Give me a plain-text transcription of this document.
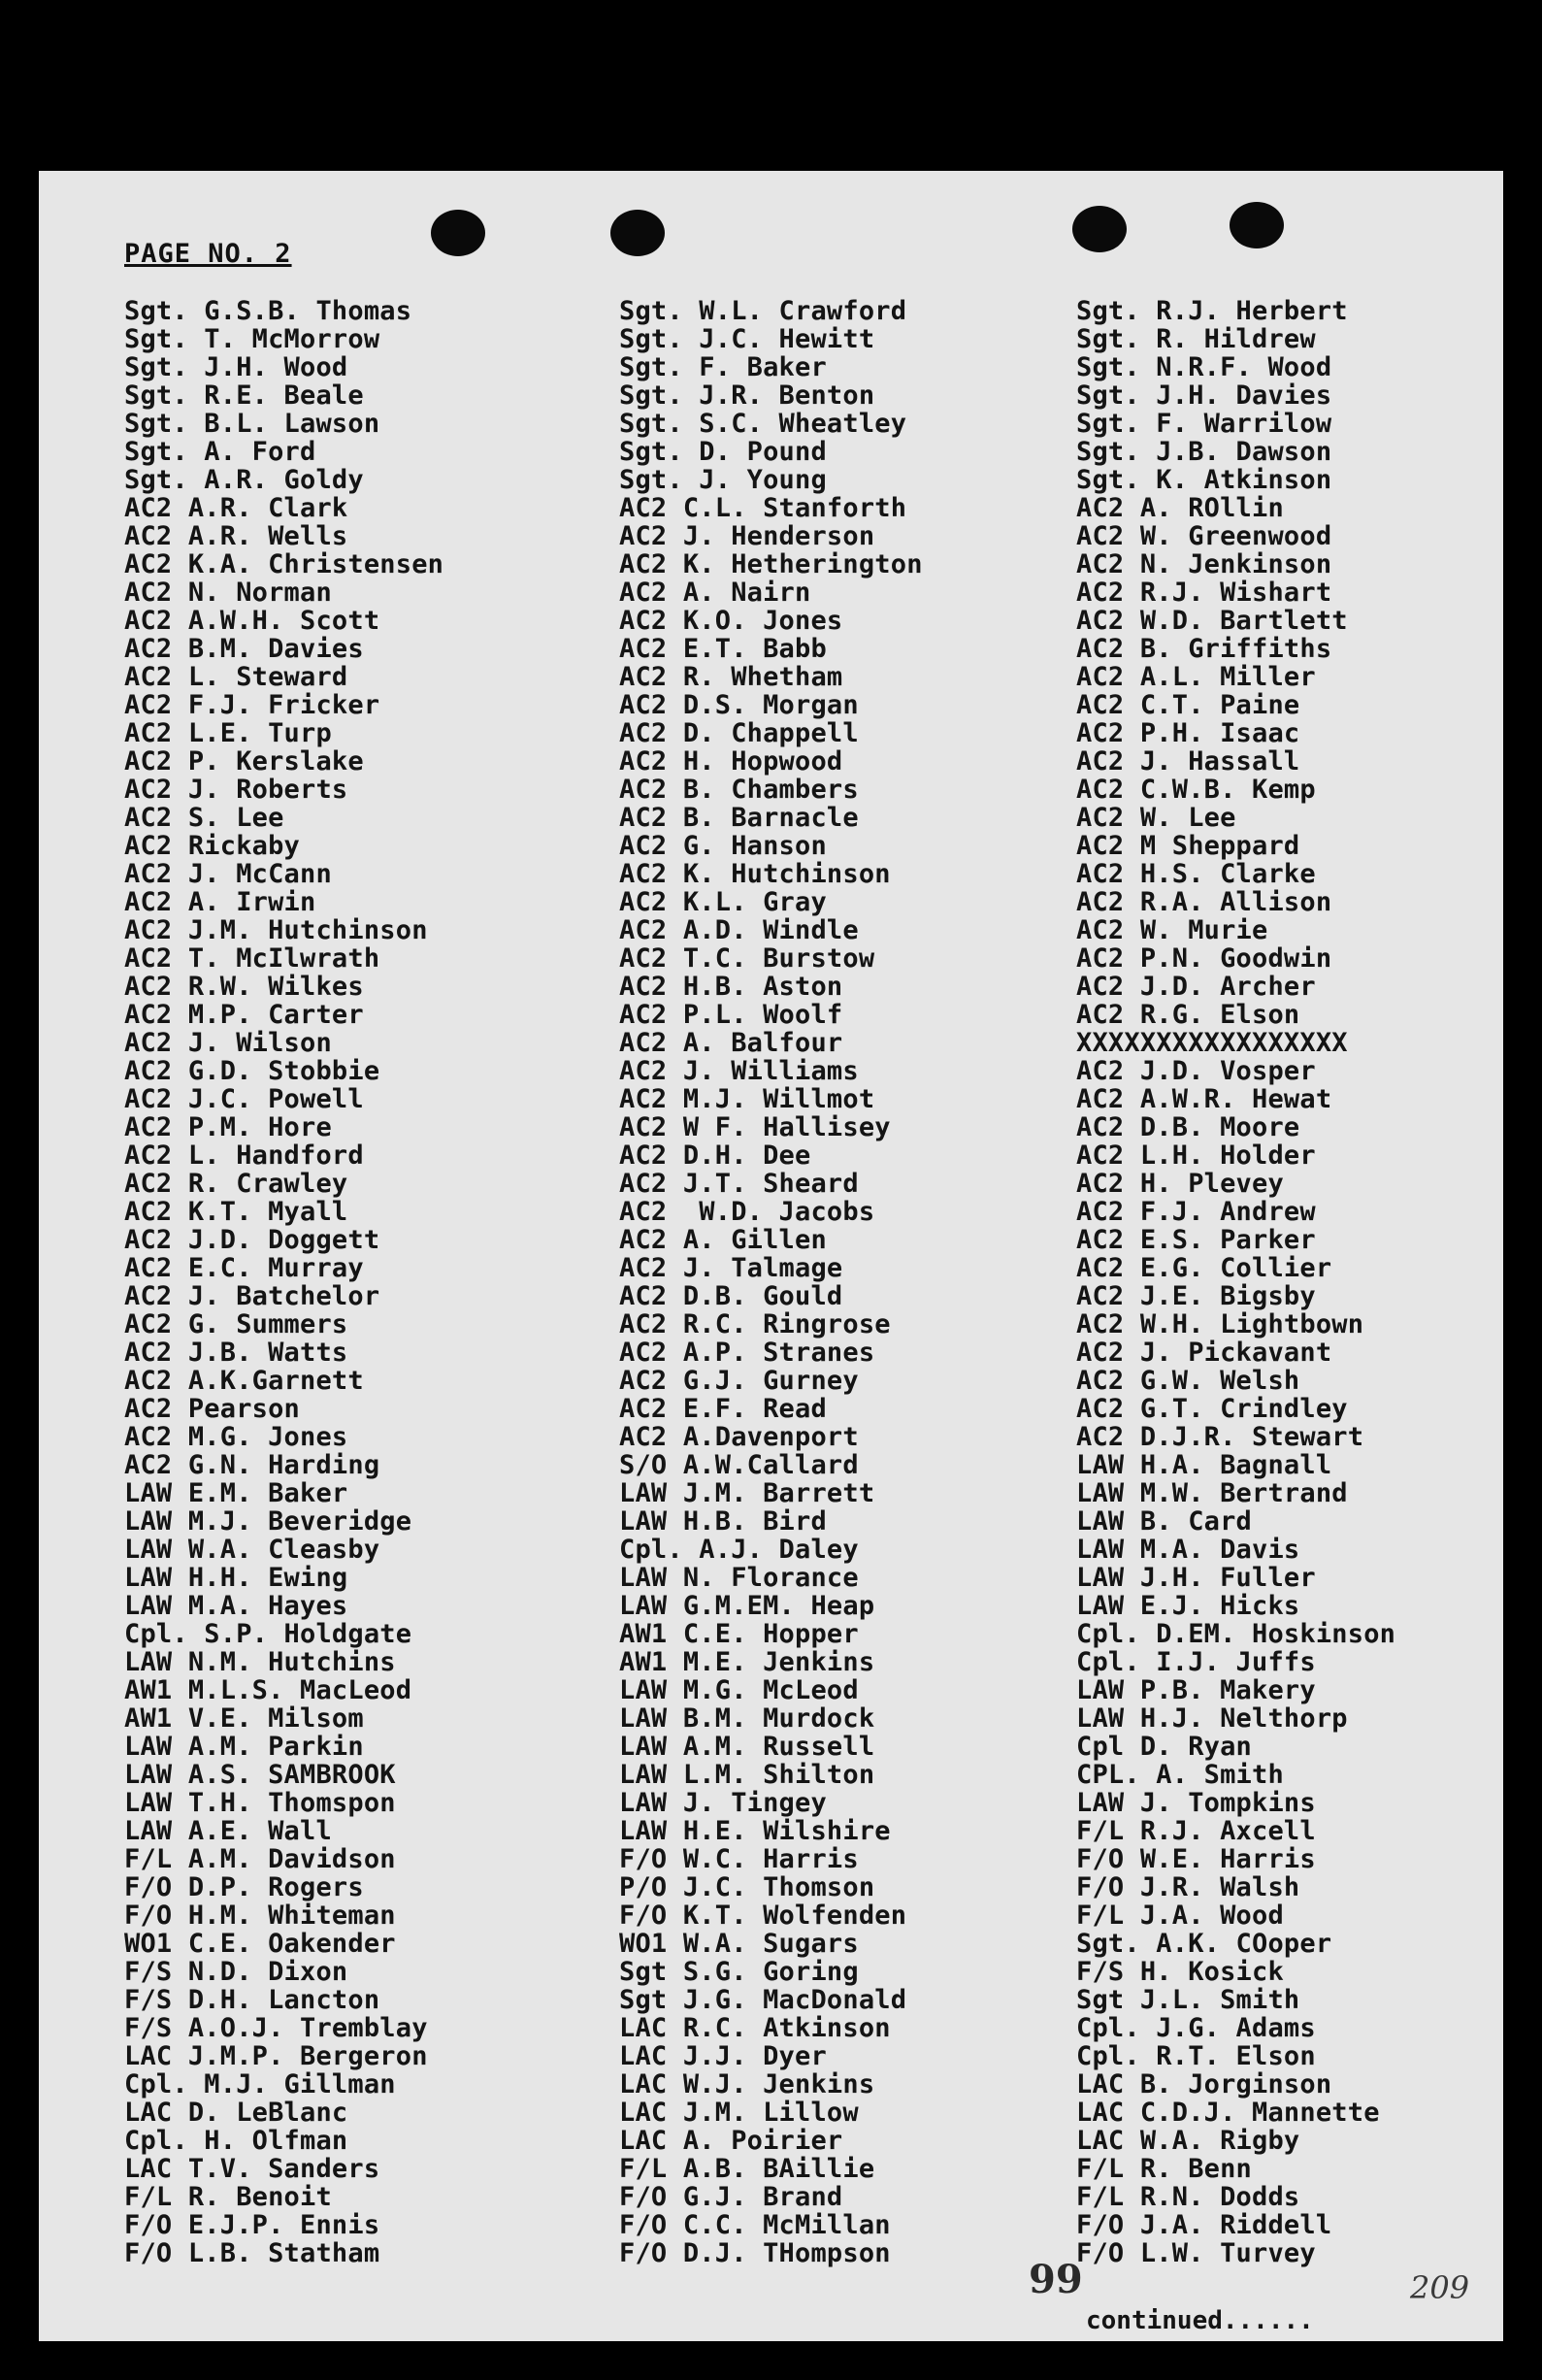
PAGE NO. 2
Sgt. G.S.B. Thomas
Sgt. T. McMorrow
Sgt. J.H. Wood
Sgt. R.E. Beale
Sgt. B.L. Lawson
Sgt. A. Ford
Sgt. A.R. Goldy
AC2 A.R. Clark
AC2 A.R. Wells
AC2 K.A. Christensen
AC2 N. Norman
AC2 A.W.H. Scott
AC2 B.M. Davies
AC2 L. Steward
AC2 F.J. Fricker
AC2 L.E. Turp
AC2 P. Kerslake
AC2 J. Roberts
AC2 S. Lee
AC2 Rickaby
AC2 J. McCann
AC2 A. Irwin
AC2 J.M. Hutchinson
AC2 T. McIlwrath
AC2 R.W. Wilkes
AC2 M.P. Carter
AC2 J. Wilson
AC2 G.D. Stobbie
AC2 J.C. Powell
AC2 P.M. Hore
AC2 L. Handford
AC2 R. Crawley
AC2 K.T. Myall
AC2 J.D. Doggett
AC2 E.C. Murray
AC2 J. Batchelor
AC2 G. Summers
AC2 J.B. Watts
AC2 A.K.Garnett
AC2 Pearson
AC2 M.G. Jones
AC2 G.N. Harding
LAW E.M. Baker
LAW M.J. Beveridge
LAW W.A. Cleasby
LAW H.H. Ewing
LAW M.A. Hayes
Cpl. S.P. Holdgate
LAW N.M. Hutchins
AW1 M.L.S. MacLeod
AW1 V.E. Milsom
LAW A.M. Parkin
LAW A.S. SAMBROOK
LAW T.H. Thomspon
LAW A.E. Wall
F/L A.M. Davidson
F/O D.P. Rogers
F/O H.M. Whiteman
WO1 C.E. Oakender
F/S N.D. Dixon
F/S D.H. Lancton
F/S A.O.J. Tremblay
LAC J.M.P. Bergeron
Cpl. M.J. Gillman
LAC D. LeBlanc
Cpl. H. Olfman
LAC T.V. Sanders
F/L R. Benoit
F/O E.J.P. Ennis
F/O L.B. Statham
Sgt. W.L. Crawford
Sgt. J.C. Hewitt
Sgt. F. Baker
Sgt. J.R. Benton
Sgt. S.C. Wheatley
Sgt. D. Pound
Sgt. J. Young
AC2 C.L. Stanforth
AC2 J. Henderson
AC2 K. Hetherington
AC2 A. Nairn
AC2 K.O. Jones
AC2 E.T. Babb
AC2 R. Whetham
AC2 D.S. Morgan
AC2 D. Chappell
AC2 H. Hopwood
AC2 B. Chambers
AC2 B. Barnacle
AC2 G. Hanson
AC2 K. Hutchinson
AC2 K.L. Gray
AC2 A.D. Windle
AC2 T.C. Burstow
AC2 H.B. Aston
AC2 P.L. Woolf
AC2 A. Balfour
AC2 J. Williams
AC2 M.J. Willmot
AC2 W F. Hallisey
AC2 D.H. Dee
AC2 J.T. Sheard
AC2  W.D. Jacobs
AC2 A. Gillen
AC2 J. Talmage
AC2 D.B. Gould
AC2 R.C. Ringrose
AC2 A.P. Stranes
AC2 G.J. Gurney
AC2 E.F. Read
AC2 A.Davenport
S/O A.W.Callard
LAW J.M. Barrett
LAW H.B. Bird
Cpl. A.J. Daley
LAW N. Florance
LAW G.M.EM. Heap
AW1 C.E. Hopper
AW1 M.E. Jenkins
LAW M.G. McLeod
LAW B.M. Murdock
LAW A.M. Russell
LAW L.M. Shilton
LAW J. Tingey
LAW H.E. Wilshire
F/O W.C. Harris
P/O J.C. Thomson
F/O K.T. Wolfenden
WO1 W.A. Sugars
Sgt S.G. Goring
Sgt J.G. MacDonald
LAC R.C. Atkinson
LAC J.J. Dyer
LAC W.J. Jenkins
LAC J.M. Lillow
LAC A. Poirier
F/L A.B. BAillie
F/O G.J. Brand
F/O C.C. McMillan
F/O D.J. THompson
Sgt. R.J. Herbert
Sgt. R. Hildrew
Sgt. N.R.F. Wood
Sgt. J.H. Davies
Sgt. F. Warrilow
Sgt. J.B. Dawson
Sgt. K. Atkinson
AC2 A. ROllin
AC2 W. Greenwood
AC2 N. Jenkinson
AC2 R.J. Wishart
AC2 W.D. Bartlett
AC2 B. Griffiths
AC2 A.L. Miller
AC2 C.T. Paine
AC2 P.H. Isaac
AC2 J. Hassall
AC2 C.W.B. Kemp
AC2 W. Lee
AC2 M Sheppard
AC2 H.S. Clarke
AC2 R.A. Allison
AC2 W. Murie
AC2 P.N. Goodwin
AC2 J.D. Archer
AC2 R.G. Elson
XXXXXXXXXXXXXXXXX
AC2 J.D. Vosper
AC2 A.W.R. Hewat
AC2 D.B. Moore
AC2 L.H. Holder
AC2 H. Plevey
AC2 F.J. Andrew
AC2 E.S. Parker
AC2 E.G. Collier
AC2 J.E. Bigsby
AC2 W.H. Lightbown
AC2 J. Pickavant
AC2 G.W. Welsh
AC2 G.T. Crindley
AC2 D.J.R. Stewart
LAW H.A. Bagnall
LAW M.W. Bertrand
LAW B. Card
LAW M.A. Davis
LAW J.H. Fuller
LAW E.J. Hicks
Cpl. D.EM. Hoskinson
Cpl. I.J. Juffs
LAW P.B. Makery
LAW H.J. Nelthorp
Cpl D. Ryan
CPL. A. Smith
LAW J. Tompkins
F/L R.J. Axcell
F/O W.E. Harris
F/O J.R. Walsh
F/L J.A. Wood
Sgt. A.K. COoper
F/S H. Kosick
Sgt J.L. Smith
Cpl. J.G. Adams
Cpl. R.T. Elson
LAC B. Jorginson
LAC C.D.J. Mannette
LAC W.A. Rigby
F/L R. Benn
F/L R.N. Dodds
F/O J.A. Riddell
F/O L.W. Turvey
99	209
continued......
